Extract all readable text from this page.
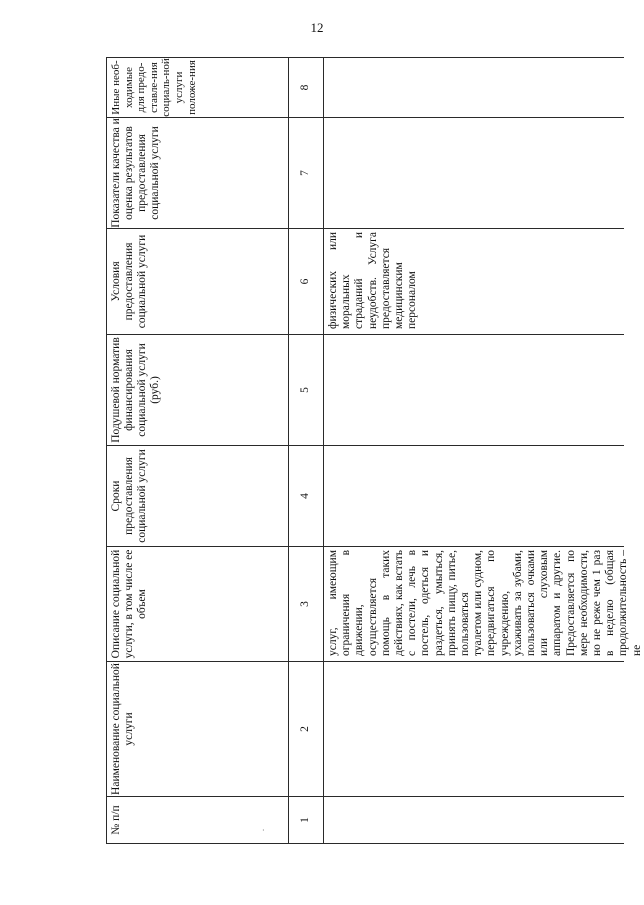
12
·
№ п/п
Наименование социальной услуги
Описание социальной услуги, в том числе ее объем
Сроки предоставления социальной услуги
Подушевой норматив финансирования социальной услуги (руб.)
Условия предоставления социальной услуги
Показатели качества и оценка результатов предоставления социальной услуги
Иные необ-ходимые для предо-ставле-ния социаль-ной услуги положе-ния
1
2
3
4
5
6
7
8
услуг, имеющим ограничения в движении, осуществляется помощь в таких действиях, как встать с постели, лечь в постель, одеться и раздеться, умыться, принять пищу, питье, пользоваться туалетом или судном, передвигаться по учреждению, ухаживать за зубами, пользоваться очками или слуховым аппаратом и другие. Предоставляется по мере необходимости, но не реже чем 1 раз в неделю (общая продолжительность – не
физических или моральных страданий и неудобств. Услуга предоставляется медицинским персоналом
